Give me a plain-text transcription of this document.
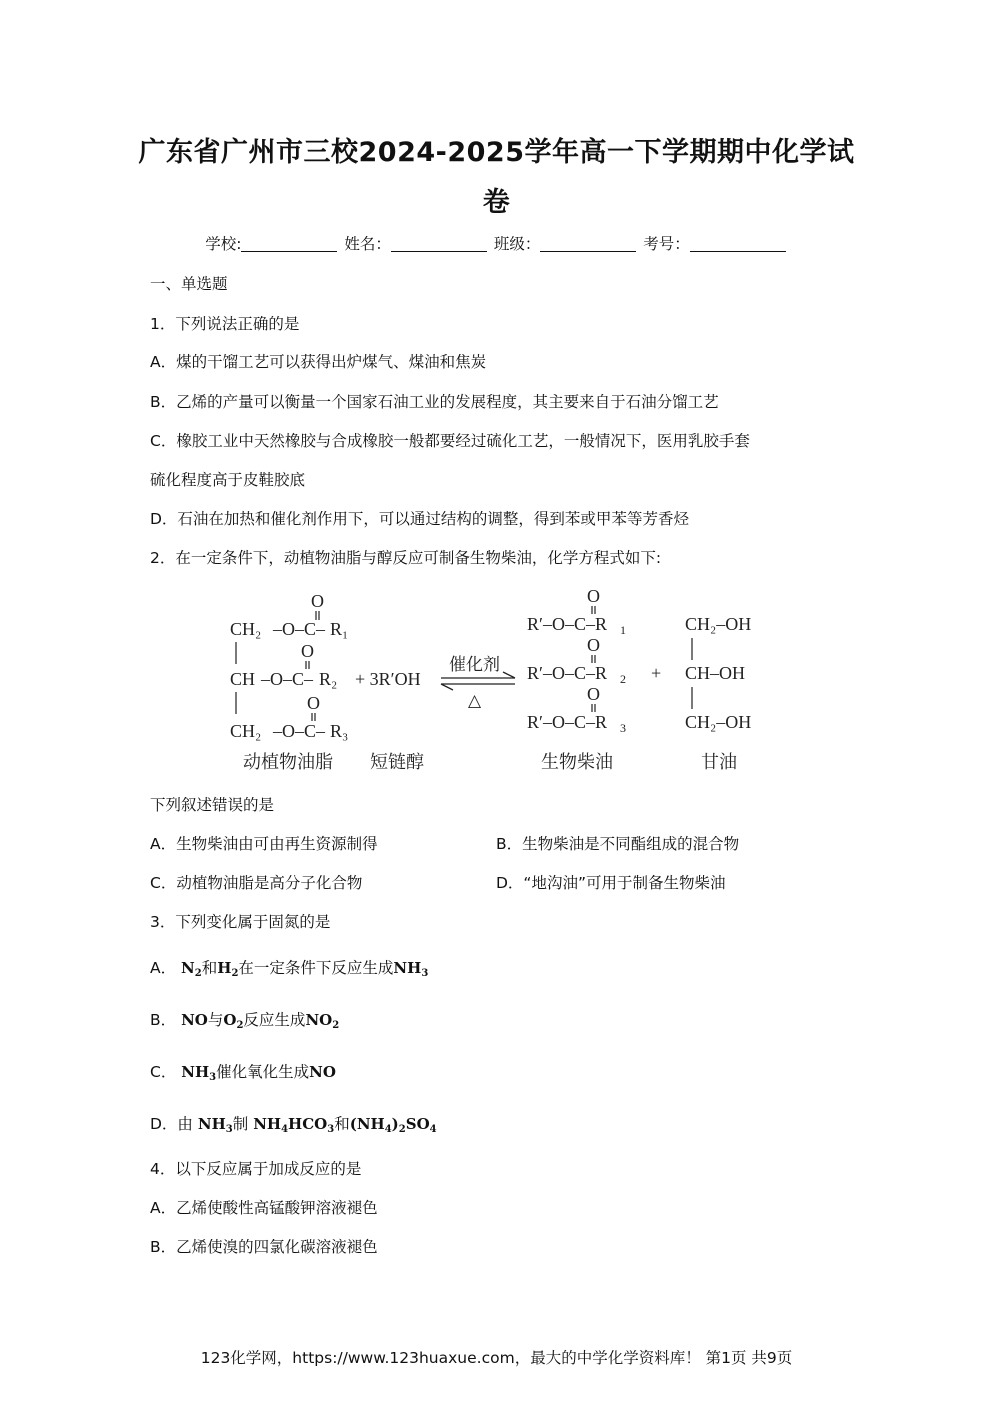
广东省广州市三校2024-2025学年高一下学期期中化学试
卷
学校:	姓名：	班级：	考号：
一、单选题
1．下列说法正确的是
A．煤的干馏工艺可以获得出炉煤气、煤油和焦炭
B．乙烯的产量可以衡量一个国家石油工业的发展程度，其主要来自于石油分馏工艺
C．橡胶工业中天然橡胶与合成橡胶一般都要经过硫化工艺，一般情况下，医用乳胶手套
硫化程度高于皮鞋胶底
D．石油在加热和催化剂作用下，可以通过结构的调整，得到苯或甲苯等芳香烃
2．在一定条件下，动植物油脂与醇反应可制备生物柴油，化学方程式如下:
O
CH₂ –O–C– R₁
O
CH –O–C– R₂
O
CH₂ –O–C– R₃
+ 3R′OH
催化剂
△
O
R′–O–C–R 1
O
R′–O–C–R 2
O
R′–O–C–R 3
+
CH₂–OH
CH–OH
CH₂–OH
动植物油脂 短链醇	生物柴油	甘油
下列叙述错误的是
A．生物柴油由可由再生资源制得	B．生物柴油是不同酯组成的混合物
C．动植物油脂是高分子化合物	D．“地沟油”可用于制备生物柴油
3．下列变化属于固氮的是
A． $N_2$和$H_2$在一定条件下反应生成$NH_3$
B． NO与$O_2$反应生成$NO_2$
C． $NH_3$催化氧化生成NO
D．由 $NH_3$制 $NH_4HCO_3$和$(NH_4)_2SO_4$
4．以下反应属于加成反应的是
A．乙烯使酸性高锰酸钾溶液褪色
B．乙烯使溴的四氯化碳溶液褪色
123化学网，https://www.123huaxue.com，最大的中学化学资料库！ 第1页 共9页
